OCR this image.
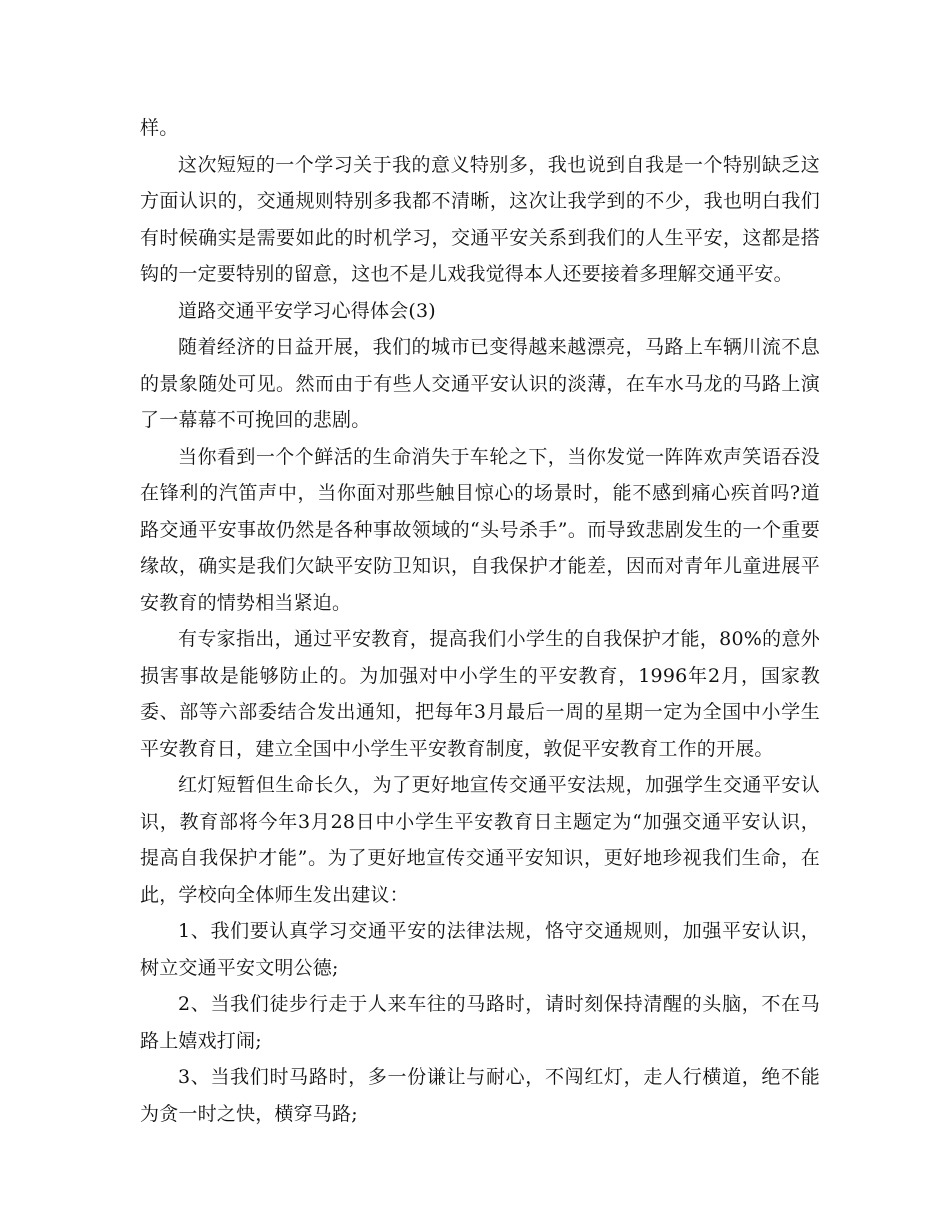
样。

这次短短的一个学习关于我的意义特别多，我也说到自我是一个特别缺乏这方面认识的，交通规则特别多我都不清晰，这次让我学到的不少，我也明白我们有时候确实是需要如此的时机学习，交通平安关系到我们的人生平安，这都是搭钩的一定要特别的留意，这也不是儿戏我觉得本人还要接着多理解交通平安。

道路交通平安学习心得体会(3)

随着经济的日益开展，我们的城市已变得越来越漂亮，马路上车辆川流不息的景象随处可见。然而由于有些人交通平安认识的淡薄，在车水马龙的马路上演了一幕幕不可挽回的悲剧。

当你看到一个个鲜活的生命消失于车轮之下，当你发觉一阵阵欢声笑语吞没在锋利的汽笛声中，当你面对那些触目惊心的场景时，能不感到痛心疾首吗?道路交通平安事故仍然是各种事故领域的“头号杀手”。而导致悲剧发生的一个重要缘故，确实是我们欠缺平安防卫知识，自我保护才能差，因而对青年儿童进展平安教育的情势相当紧迫。

有专家指出，通过平安教育，提高我们小学生的自我保护才能，80%的意外损害事故是能够防止的。为加强对中小学生的平安教育，1996年2月，国家教委、部等六部委结合发出通知，把每年3月最后一周的星期一定为全国中小学生平安教育日，建立全国中小学生平安教育制度，敦促平安教育工作的开展。

红灯短暂但生命长久，为了更好地宣传交通平安法规，加强学生交通平安认识，教育部将今年3月28日中小学生平安教育日主题定为“加强交通平安认识，提高自我保护才能”。为了更好地宣传交通平安知识，更好地珍视我们生命，在此，学校向全体师生发出建议：

1、我们要认真学习交通平安的法律法规，恪守交通规则，加强平安认识，树立交通平安文明公德;

2、当我们徒步行走于人来车往的马路时，请时刻保持清醒的头脑，不在马路上嬉戏打闹;

3、当我们时马路时，多一份谦让与耐心，不闯红灯，走人行横道，绝不能为贪一时之快，横穿马路;
